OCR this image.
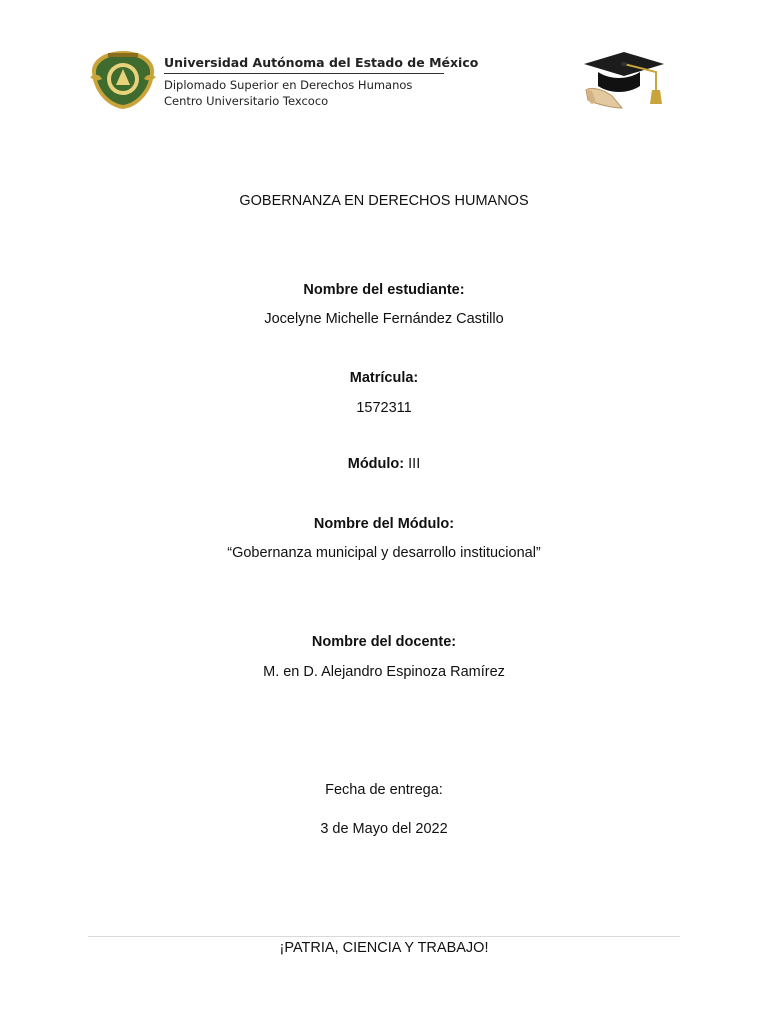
Universidad Autónoma del Estado de México
Diplomado Superior en Derechos Humanos
Centro Universitario Texcoco
GOBERNANZA EN DERECHOS HUMANOS
Nombre del estudiante:
Jocelyne Michelle Fernández Castillo
Matrícula:
1572311
Módulo: III
Nombre del Módulo:
“Gobernanza municipal y desarrollo institucional”
Nombre del docente:
M. en D. Alejandro Espinoza Ramírez
Fecha de entrega:
3 de Mayo del 2022
¡PATRIA, CIENCIA Y TRABAJO!
